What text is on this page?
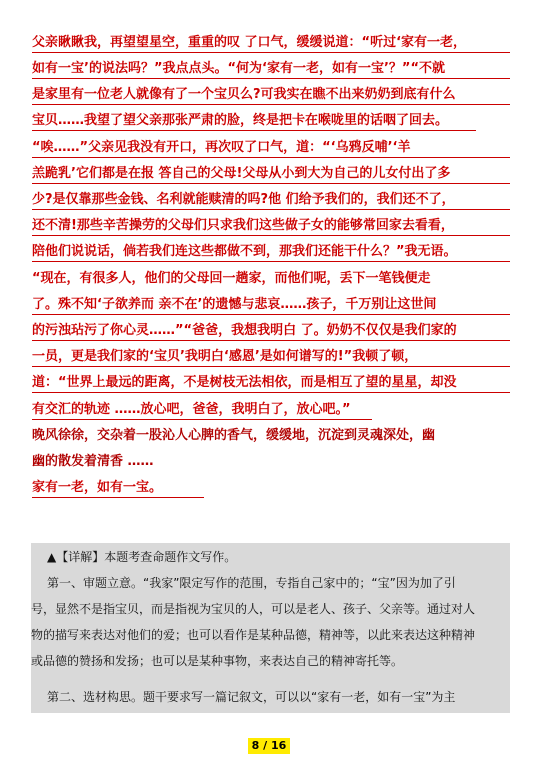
父亲瞅瞅我，再望望星空，重重的叹 了口气，缓缓说道：“听过‘家有一老，
如有一宝’的说法吗？”我点点头。“何为‘家有一老，如有一宝’？”“不就
是家里有一位老人就像有了一个宝贝么?可我实在瞧不出来奶奶到底有什么
宝贝……我望了望父亲那张严肃的脸，终是把卡在喉咙里的话咽了回去。
“唉……”父亲见我没有开口，再次叹了口气，道：“‘乌鸦反哺’‘羊
羔跪乳’它们都是在报 答自己的父母!父母从小到大为自己的儿女付出了多
少?是仅靠那些金钱、名利就能赎清的吗?他 们给予我们的，我们还不了，
还不清!那些辛苦操劳的父母们只求我们这些做子女的能够常回家去看看，
陪他们说说话，倘若我们连这些都做不到，那我们还能干什么？”我无语。
“现在，有很多人，他们的父母回一趟家，而他们呢，丢下一笔钱便走
了。殊不知‘子欲养而 亲不在’的遗憾与悲哀……孩子，千万别让这世间
的污浊玷污了你心灵……”“爸爸，我想我明白 了。奶奶不仅仅是我们家的
一员，更是我们家的‘宝贝’我明白‘感恩’是如何谱写的!”我顿了顿，
道：“世界上最远的距离，不是树枝无法相依，而是相互了望的星星，却没
有交汇的轨迹 ……放心吧，爸爸，我明白了，放心吧。”
晚风徐徐，交杂着一股沁人心脾的香气，缓缓地，沉淀到灵魂深处，幽
幽的散发着清香 ……
家有一老，如有一宝。
▲【详解】本题考查命题作文写作。
第一、审题立意。“我家”限定写作的范围，专指自己家中的；“宝”因为加了引
号，显然不是指宝贝，而是指视为宝贝的人，可以是老人、孩子、父亲等。通过对人
物的描写来表达对他们的爱；也可以看作是某种品德，精神等，以此来表达这种精神
或品德的赞扬和发扬；也可以是某种事物，来表达自己的精神寄托等。
第二、选材构思。题干要求写一篇记叙文，可以以“家有一老，如有一宝”为主
8 / 16
